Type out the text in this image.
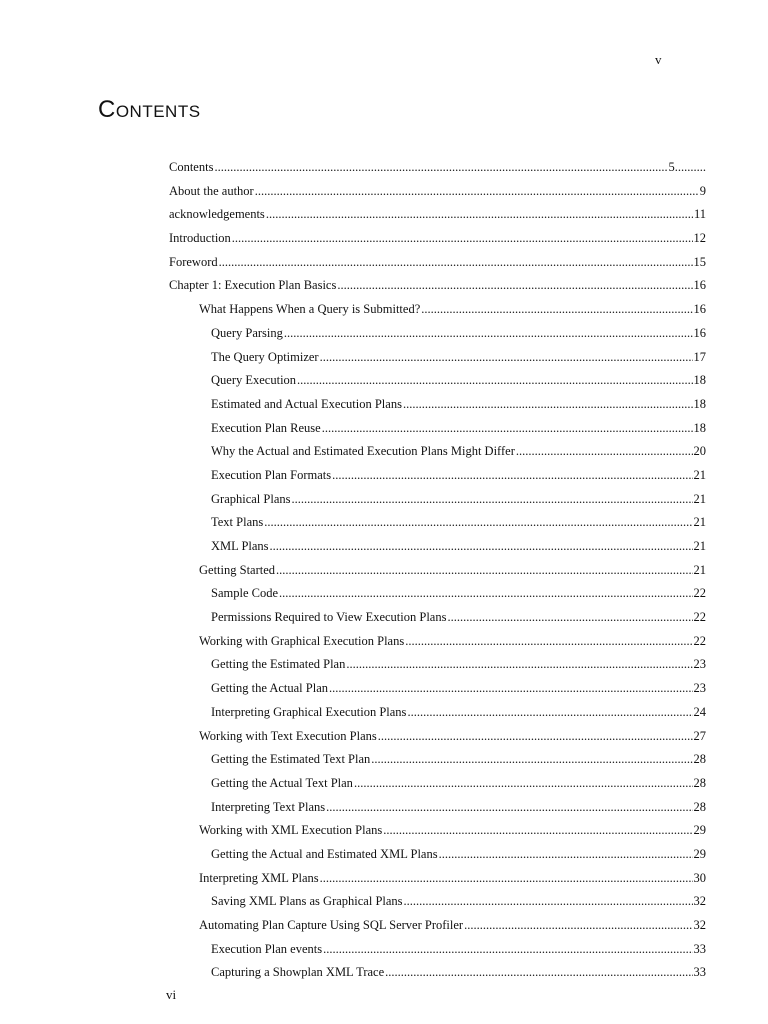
v
Contents
Contents .....	5..........
About the author .....	9
acknowledgements .....	11
Introduction .....	12
Foreword .....	15
Chapter 1: Execution Plan Basics .....	16
What Happens When a Query is Submitted? .....	16
Query Parsing .....	16
The Query Optimizer .....	17
Query Execution .....	18
Estimated and Actual Execution Plans .....	18
Execution Plan Reuse .....	18
Why the Actual and Estimated Execution Plans Might Differ .....	20
Execution Plan Formats .....	21
Graphical Plans .....	21
Text Plans .....	21
XML Plans .....	21
Getting Started .....	21
Sample Code .....	22
Permissions Required to View Execution Plans .....	22
Working with Graphical Execution Plans .....	22
Getting the Estimated Plan .....	23
Getting the Actual Plan .....	23
Interpreting Graphical Execution Plans .....	24
Working with Text Execution Plans .....	27
Getting the Estimated Text Plan .....	28
Getting the Actual Text Plan .....	28
Interpreting Text Plans .....	28
Working with XML Execution Plans .....	29
Getting the Actual and Estimated XML Plans .....	29
Interpreting XML Plans .....	30
Saving XML Plans as Graphical Plans .....	32
Automating Plan Capture Using SQL Server Profiler .....	32
Execution Plan events .....	33
Capturing a Showplan XML Trace .....	33
vi
